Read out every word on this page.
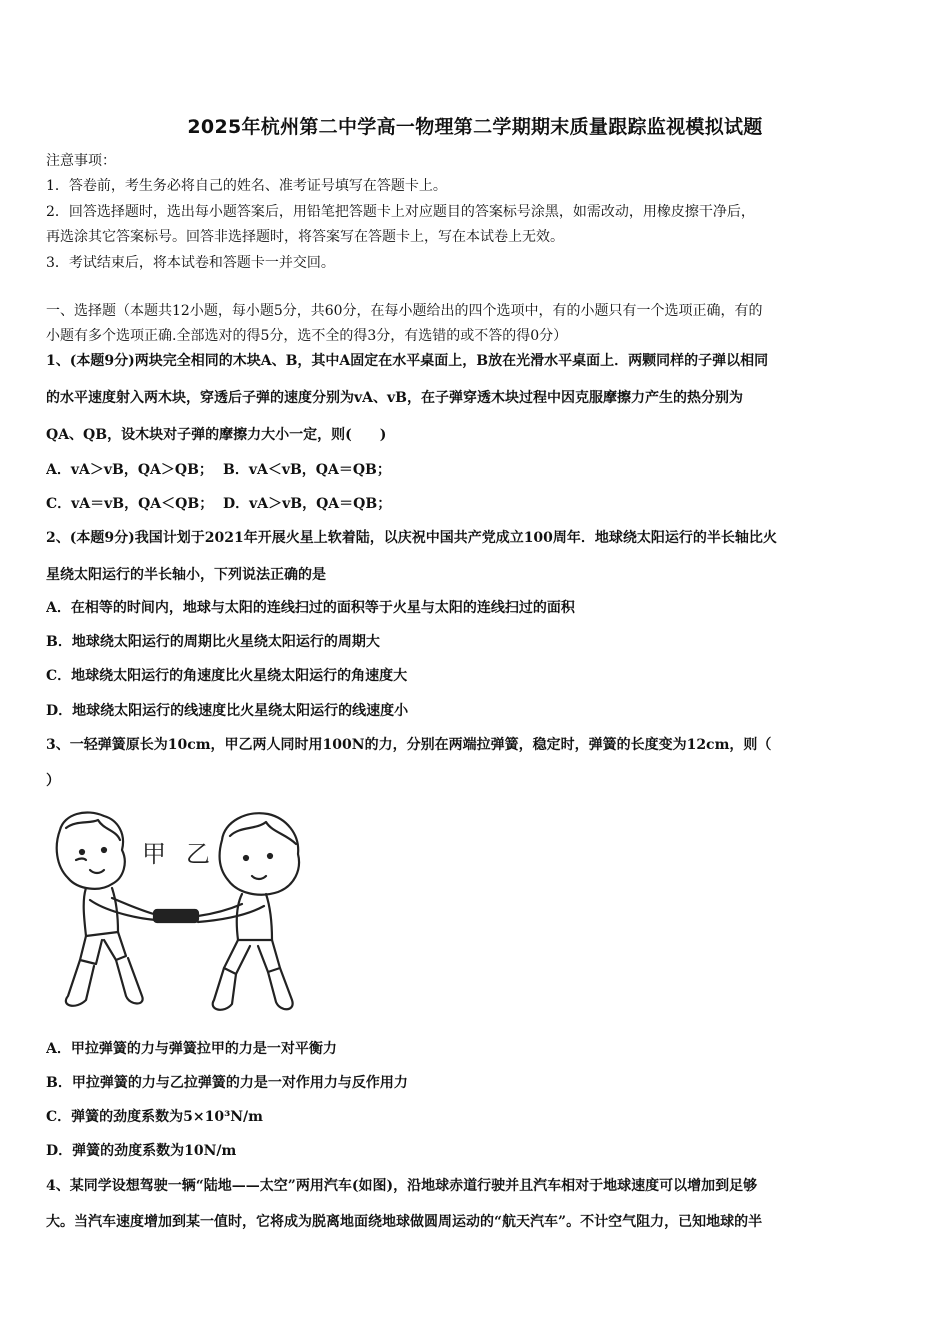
2025年杭州第二中学高一物理第二学期期末质量跟踪监视模拟试题
注意事项：
1．答卷前，考生务必将自己的姓名、准考证号填写在答题卡上。
2．回答选择题时，选出每小题答案后，用铅笔把答题卡上对应题目的答案标号涂黑，如需改动，用橡皮擦干净后，
再选涂其它答案标号。回答非选择题时，将答案写在答题卡上，写在本试卷上无效。
3．考试结束后，将本试卷和答题卡一并交回。
一、选择题（本题共12小题，每小题5分，共60分，在每小题给出的四个选项中，有的小题只有一个选项正确，有的
小题有多个选项正确.全部选对的得5分，选不全的得3分，有选错的或不答的得0分）
1、(本题9分)两块完全相同的木块A、B，其中A固定在水平桌面上，B放在光滑水平桌面上．两颗同样的子弹以相同
的水平速度射入两木块，穿透后子弹的速度分别为vA、vB，在子弹穿透木块过程中因克服摩擦力产生的热分别为
QA、QB，设木块对子弹的摩擦力大小一定，则(　　)
A．vA＞vB，QA＞QB； B．vA＜vB，QA＝QB；
C．vA＝vB，QA＜QB； D．vA＞vB，QA＝QB；
2、(本题9分)我国计划于2021年开展火星上软着陆，以庆祝中国共产党成立100周年．地球绕太阳运行的半长轴比火
星绕太阳运行的半长轴小，下列说法正确的是
A．在相等的时间内，地球与太阳的连线扫过的面积等于火星与太阳的连线扫过的面积
B．地球绕太阳运行的周期比火星绕太阳运行的周期大
C．地球绕太阳运行的角速度比火星绕太阳运行的角速度大
D．地球绕太阳运行的线速度比火星绕太阳运行的线速度小
3、一轻弹簧原长为10cm，甲乙两人同时用100N的力，分别在两端拉弹簧，稳定时，弹簧的长度变为12cm，则（
）
甲 乙
A．甲拉弹簧的力与弹簧拉甲的力是一对平衡力
B．甲拉弹簧的力与乙拉弹簧的力是一对作用力与反作用力
C．弹簧的劲度系数为5×10³N/m
D．弹簧的劲度系数为10N/m
4、某同学设想驾驶一辆“陆地——太空”两用汽车(如图)，沿地球赤道行驶并且汽车相对于地球速度可以增加到足够
大。当汽车速度增加到某一值时，它将成为脱离地面绕地球做圆周运动的“航天汽车”。不计空气阻力，已知地球的半
